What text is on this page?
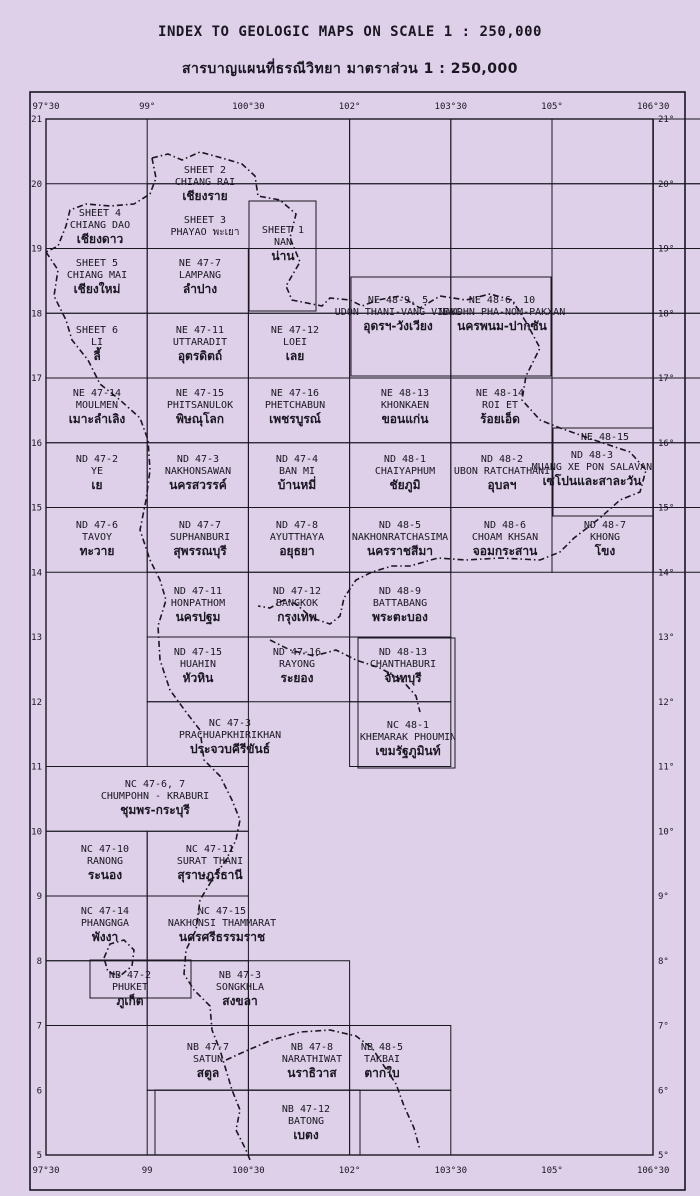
INDEX TO GEOLOGIC MAPS ON SCALE 1 : 250,000
สารบาญแผนที่ธรณีวิทยา มาตราส่วน 1 : 250,000
97°30	99°	100°30	102°	103°30	105°	106°30
97°30	99	100°30	102°	103°30	105°	106°30
21
20
19
18
17
16
15
14
13
12
11
10
9
8
7
6
5
21°
20°
19°
18°
17°
16°
15°
14°
13°
12°
11°
10°
9°
8°
7°
6°
5°
SHEET 2
CHIANG RAI
เชียงราย
SHEET 4
CHIANG DAO
เชียงดาว
SHEET 3
PHAYAO พะเยา SHEET 1
NAN
น่าน
SHEET 5
CHIANG MAI
เชียงใหม่
NE 47-7
LAMPANG
ลำปาง
NE 48-9, 5
UDON THANI-VANG VIENG
อุดรฯ-วังเวียง
NE 48-6, 10
NAKOHN PHA-NOM-PAKXAN
นครพนม-ปากซัน
SHEET 6
LI
ลี้
NE 47-11
UTTARADIT
อุตรดิตถ์
NE 47-12
LOEI
เลย
NE 47-14
MOULMEN
เมาะลำเลิง
NE 47-15
PHITSANULOK
พิษณุโลก
NE 47-16
PHETCHABUN
เพชรบูรณ์
NE 48-13
KHONKAEN
ขอนแก่น
NE 48-14
ROI ET
ร้อยเอ็ด
NE 48-15
ND 47-2
YE
เย
ND 47-3
NAKHONSAWAN
นครสวรรค์
ND 47-4
BAN MI
บ้านหมี่
ND 48-1
CHAIYAPHUM
ชัยภูมิ
ND 48-2
UBON RATCHATHANI
อุบลฯ
ND 48-3
MUANG XE PON SALAVAN
เซโปนและสาละวัน
ND 47-6
TAVOY
ทะวาย
ND 47-7
SUPHANBURI
สุพรรณบุรี
ND 47-8
AYUTTHAYA
อยุธยา
ND 48-5
NAKHONRATCHASIMA
นครราชสีมา
ND 48-6
CHOAM KHSAN
จอมกระสาน
ND 48-7
KHONG
โขง
ND 47-11
HONPATHOM
นครปฐม
ND 47-12
BANGKOK
กรุงเทพ
ND 48-9
BATTABANG
พระตะบอง
ND 47-15
HUAHIN
หัวหิน
ND 47-16
RAYONG
ระยอง
ND 48-13
CHANTHABURI
จันทบุรี
NC 48-1
KHEMARAK PHOUMIN
เขมรัฐภูมินท์
NC 47-3
PRACHUAPKHIRIKHAN
ประจวบคีรีขันธ์
NC 47-6, 7
CHUMPOHN - KRABURI
ชุมพร-กระบุรี
NC 47-10
RANONG
ระนอง
NC 47-11
SURAT THANI
สุราษฎร์ธานี
NC 47-14
PHANGNGA
พังงา
NC 47-15
NAKHONSI THAMMARAT
นครศรีธรรมราช
NB 47-2
PHUKET
ภูเก็ต
NB 47-3
SONGKHLA
สงขลา
NB 47-7
SATUN
สตูล
NB 47-8
NARATHIWAT
นราธิวาส
NB 48-5
TAKBAI
ตากใบ
NB 47-12
BATONG
เบตง
